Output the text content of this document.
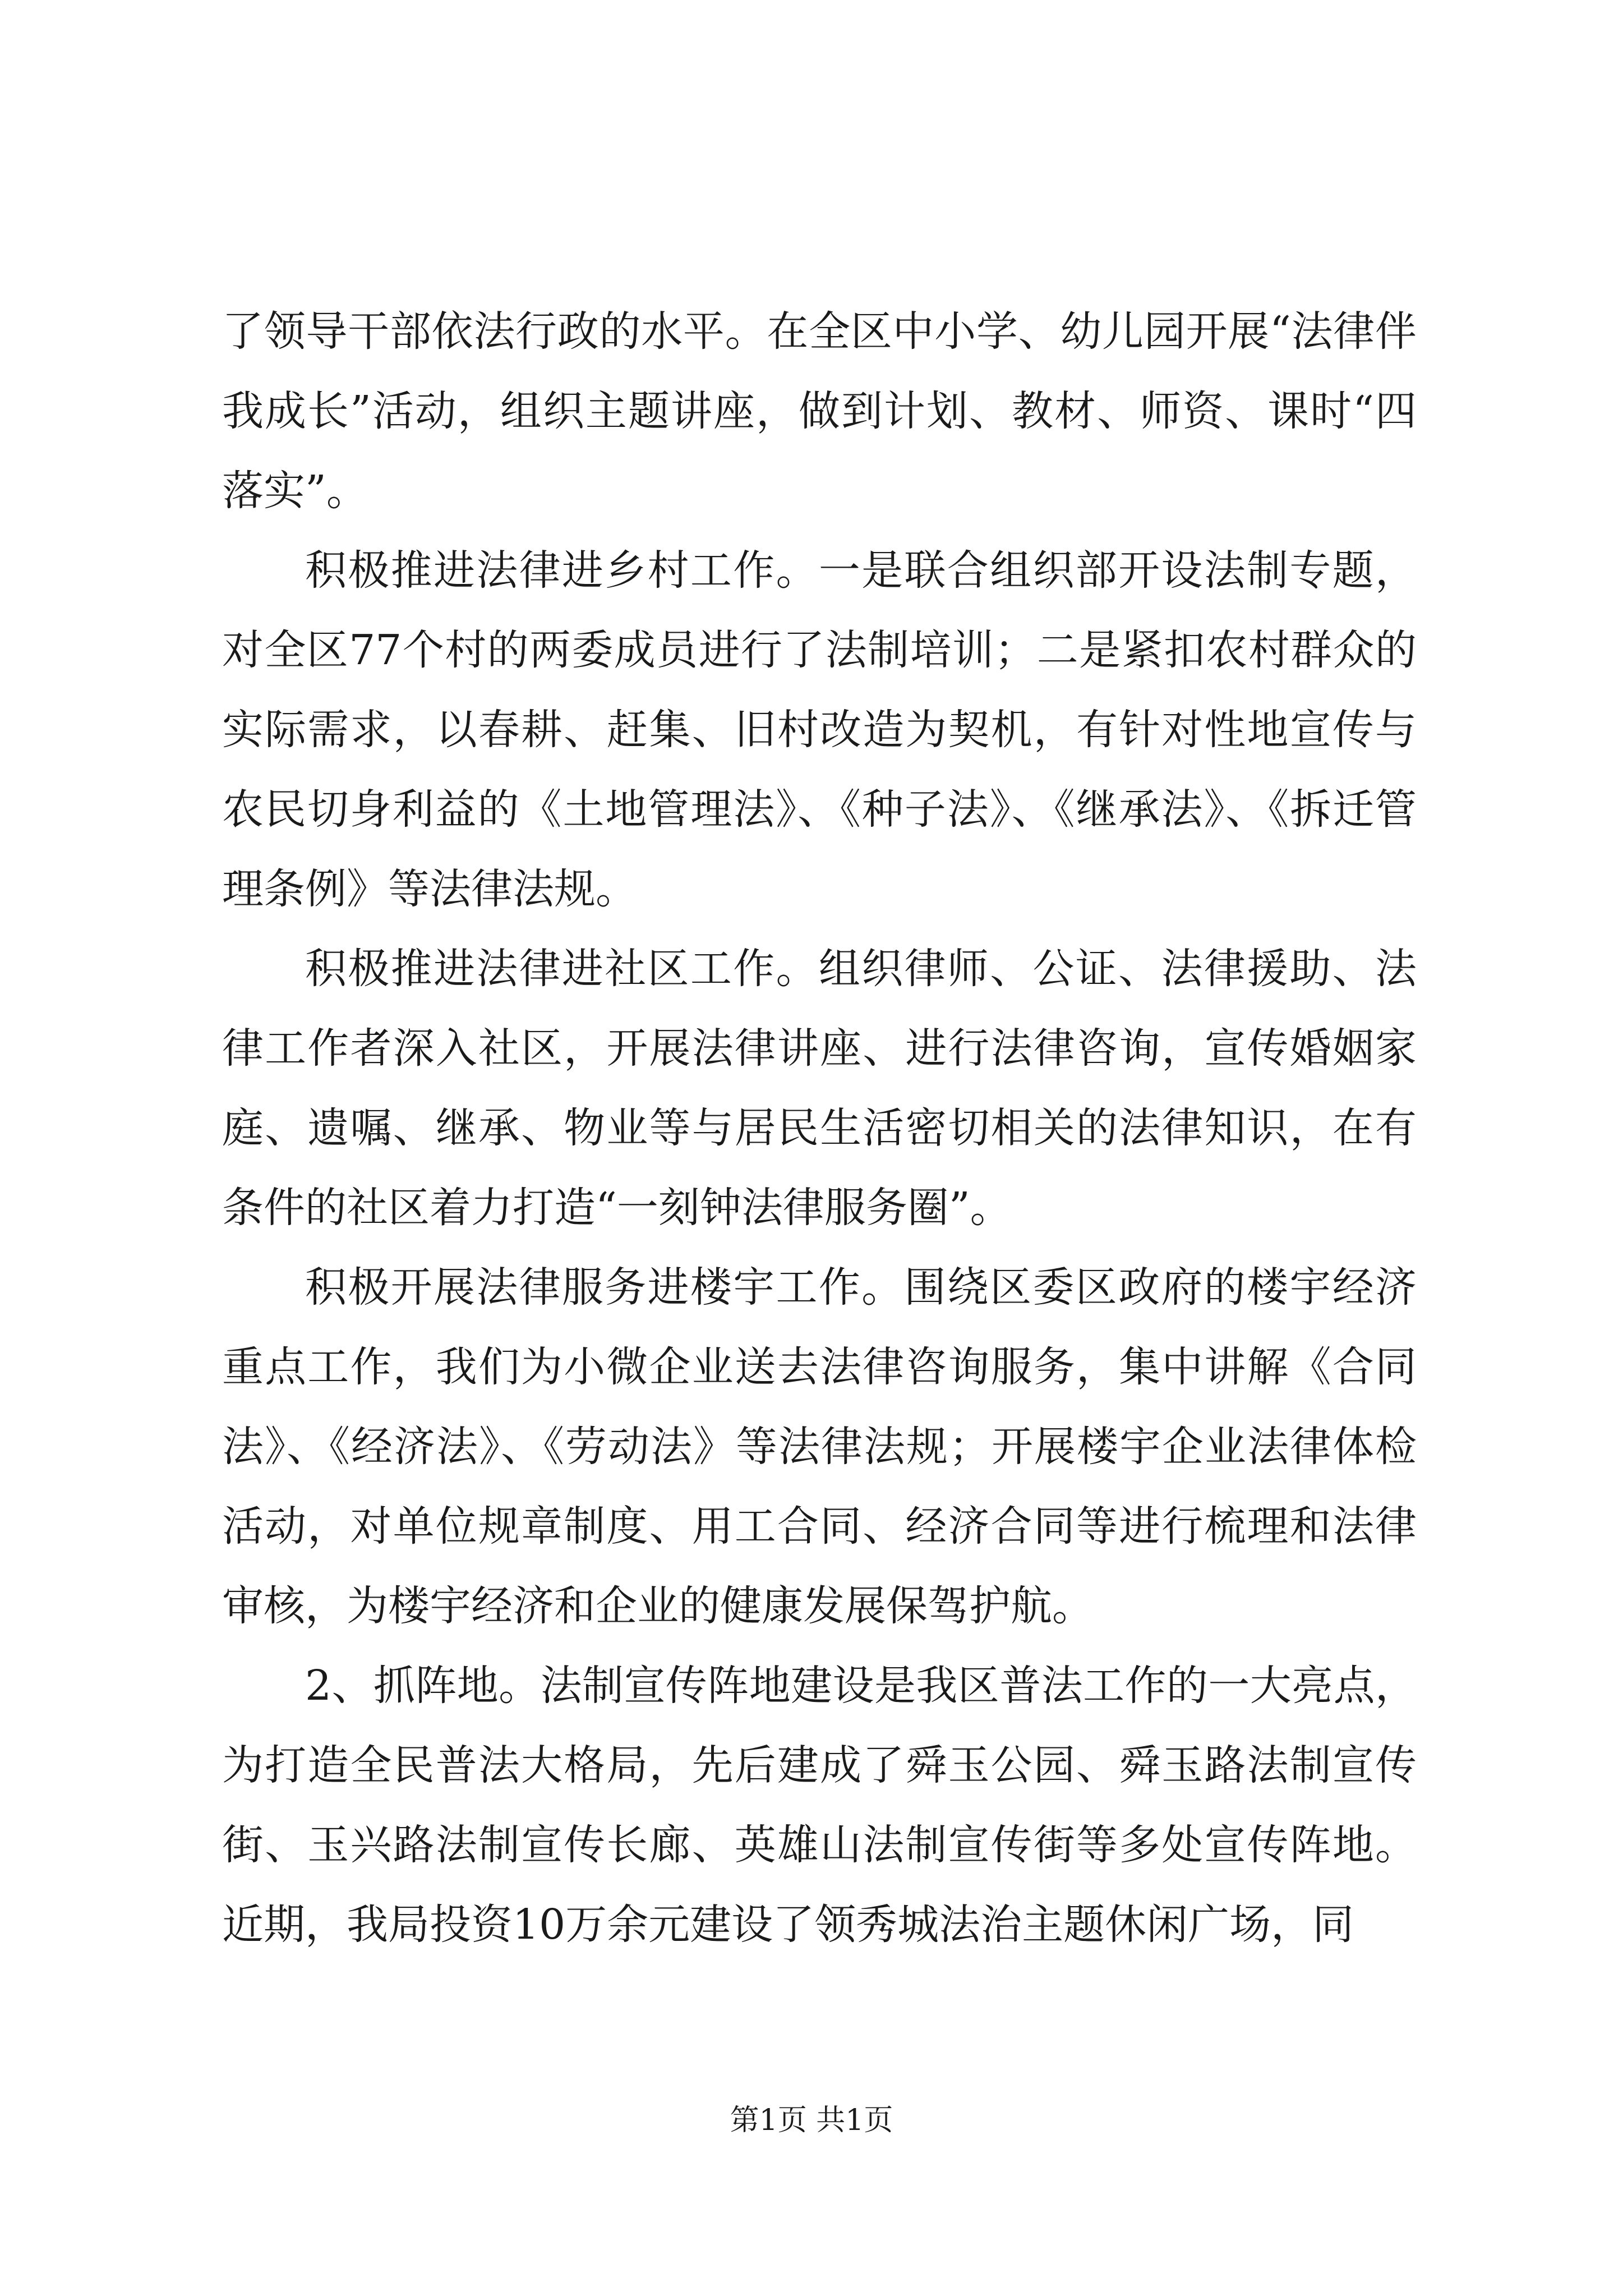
了领导干部依法行政的水平。在全区中小学、幼儿园开展“法律伴我成长”活动，组织主题讲座，做到计划、教材、师资、课时“四落实”。

积极推进法律进乡村工作。一是联合组织部开设法制专题，对全区77个村的两委成员进行了法制培训；二是紧扣农村群众的实际需求，以春耕、赶集、旧村改造为契机，有针对性地宣传与农民切身利益的《土地管理法》、《种子法》、《继承法》、《拆迁管理条例》等法律法规。

积极推进法律进社区工作。组织律师、公证、法律援助、法律工作者深入社区，开展法律讲座、进行法律咨询，宣传婚姻家庭、遗嘱、继承、物业等与居民生活密切相关的法律知识，在有条件的社区着力打造“一刻钟法律服务圈”。

积极开展法律服务进楼宇工作。围绕区委区政府的楼宇经济重点工作，我们为小微企业送去法律咨询服务，集中讲解《合同法》、《经济法》、《劳动法》等法律法规；开展楼宇企业法律体检活动，对单位规章制度、用工合同、经济合同等进行梳理和法律审核，为楼宇经济和企业的健康发展保驾护航。

2、抓阵地。法制宣传阵地建设是我区普法工作的一大亮点，为打造全民普法大格局，先后建成了舜玉公园、舜玉路法制宣传街、玉兴路法制宣传长廊、英雄山法制宣传街等多处宣传阵地。近期，我局投资10万余元建设了领秀城法治主题休闲广场，同

第1页 共1页
